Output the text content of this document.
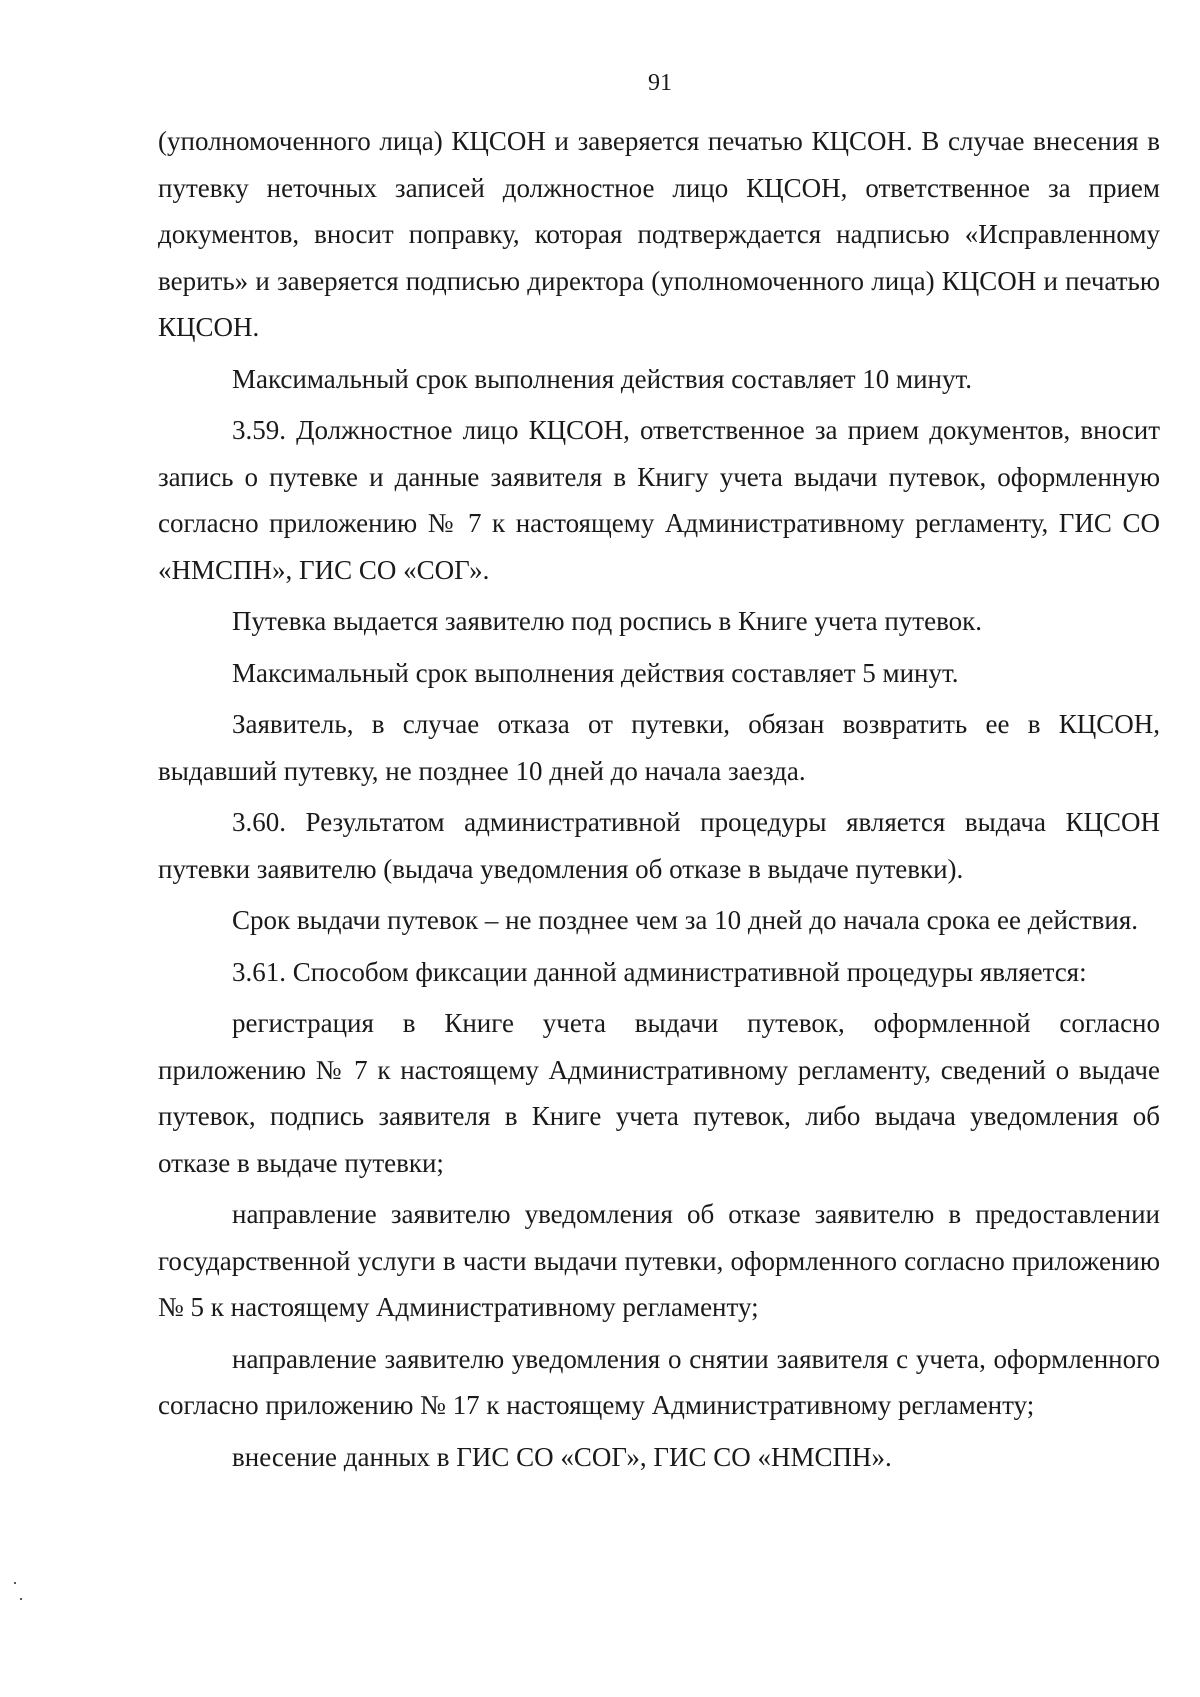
91

(уполномоченного лица) КЦСОН и заверяется печатью КЦСОН. В случае внесения в путевку неточных записей должностное лицо КЦСОН, ответственное за прием документов, вносит поправку, которая подтверждается надписью «Исправленному верить» и заверяется подписью директора (уполномоченного лица) КЦСОН и печатью КЦСОН.

Максимальный срок выполнения действия составляет 10 минут.

3.59. Должностное лицо КЦСОН, ответственное за прием документов, вносит запись о путевке и данные заявителя в Книгу учета выдачи путевок, оформленную согласно приложению № 7 к настоящему Административному регламенту, ГИС СО «НМСПН», ГИС СО «СОГ».

Путевка выдается заявителю под роспись в Книге учета путевок.

Максимальный срок выполнения действия составляет 5 минут.

Заявитель, в случае отказа от путевки, обязан возвратить ее в КЦСОН, выдавший путевку, не позднее 10 дней до начала заезда.

3.60. Результатом административной процедуры является выдача КЦСОН путевки заявителю (выдача уведомления об отказе в выдаче путевки).

Срок выдачи путевок – не позднее чем за 10 дней до начала срока ее действия.

3.61. Способом фиксации данной административной процедуры является:

регистрация в Книге учета выдачи путевок, оформленной согласно приложению № 7 к настоящему Административному регламенту, сведений о выдаче путевок, подпись заявителя в Книге учета путевок, либо выдача уведомления об отказе в выдаче путевки;

направление заявителю уведомления об отказе заявителю в предоставлении государственной услуги в части выдачи путевки, оформленного согласно приложению № 5 к настоящему Административному регламенту;

направление заявителю уведомления о снятии заявителя с учета, оформленного согласно приложению № 17 к настоящему Административному регламенту;

внесение данных в ГИС СО «СОГ», ГИС СО «НМСПН».
